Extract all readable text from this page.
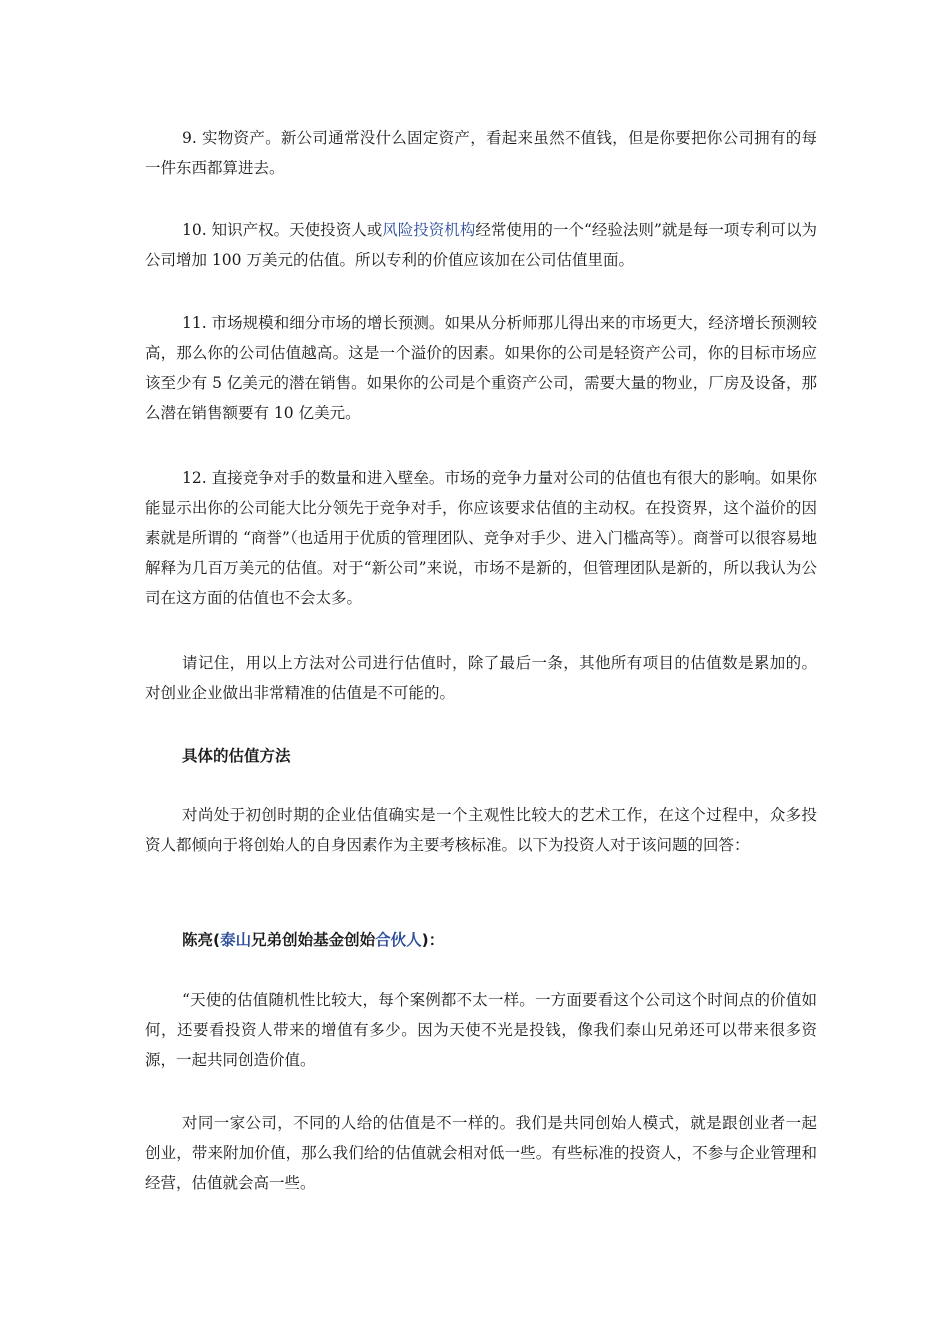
9. 实物资产。新公司通常没什么固定资产，看起来虽然不值钱，但是你要把你公司拥有的每一件东西都算进去。

10. 知识产权。天使投资人或风险投资机构经常使用的一个“经验法则”就是每一项专利可以为公司增加 100 万美元的估值。所以专利的价值应该加在公司估值里面。

11. 市场规模和细分市场的增长预测。如果从分析师那儿得出来的市场更大，经济增长预测较高，那么你的公司估值越高。这是一个溢价的因素。如果你的公司是轻资产公司，你的目标市场应该至少有 5 亿美元的潜在销售。如果你的公司是个重资产公司，需要大量的物业，厂房及设备，那么潜在销售额要有 10 亿美元。

12. 直接竞争对手的数量和进入壁垒。市场的竞争力量对公司的估值也有很大的影响。如果你能显示出你的公司能大比分领先于竞争对手，你应该要求估值的主动权。在投资界，这个溢价的因素就是所谓的 “商誉”（也适用于优质的管理团队、竞争对手少、进入门槛高等）。商誉可以很容易地解释为几百万美元的估值。对于“新公司”来说，市场不是新的，但管理团队是新的，所以我认为公司在这方面的估值也不会太多。

请记住，用以上方法对公司进行估值时，除了最后一条，其他所有项目的估值数是累加的。对创业企业做出非常精准的估值是不可能的。

具体的估值方法

对尚处于初创时期的企业估值确实是一个主观性比较大的艺术工作，在这个过程中，众多投资人都倾向于将创始人的自身因素作为主要考核标准。以下为投资人对于该问题的回答：

陈亮(泰山兄弟创始基金创始合伙人)：

“天使的估值随机性比较大，每个案例都不太一样。一方面要看这个公司这个时间点的价值如何，还要看投资人带来的增值有多少。因为天使不光是投钱，像我们泰山兄弟还可以带来很多资源，一起共同创造价值。

对同一家公司，不同的人给的估值是不一样的。我们是共同创始人模式，就是跟创业者一起创业，带来附加价值，那么我们给的估值就会相对低一些。有些标准的投资人，不参与企业管理和经营，估值就会高一些。
